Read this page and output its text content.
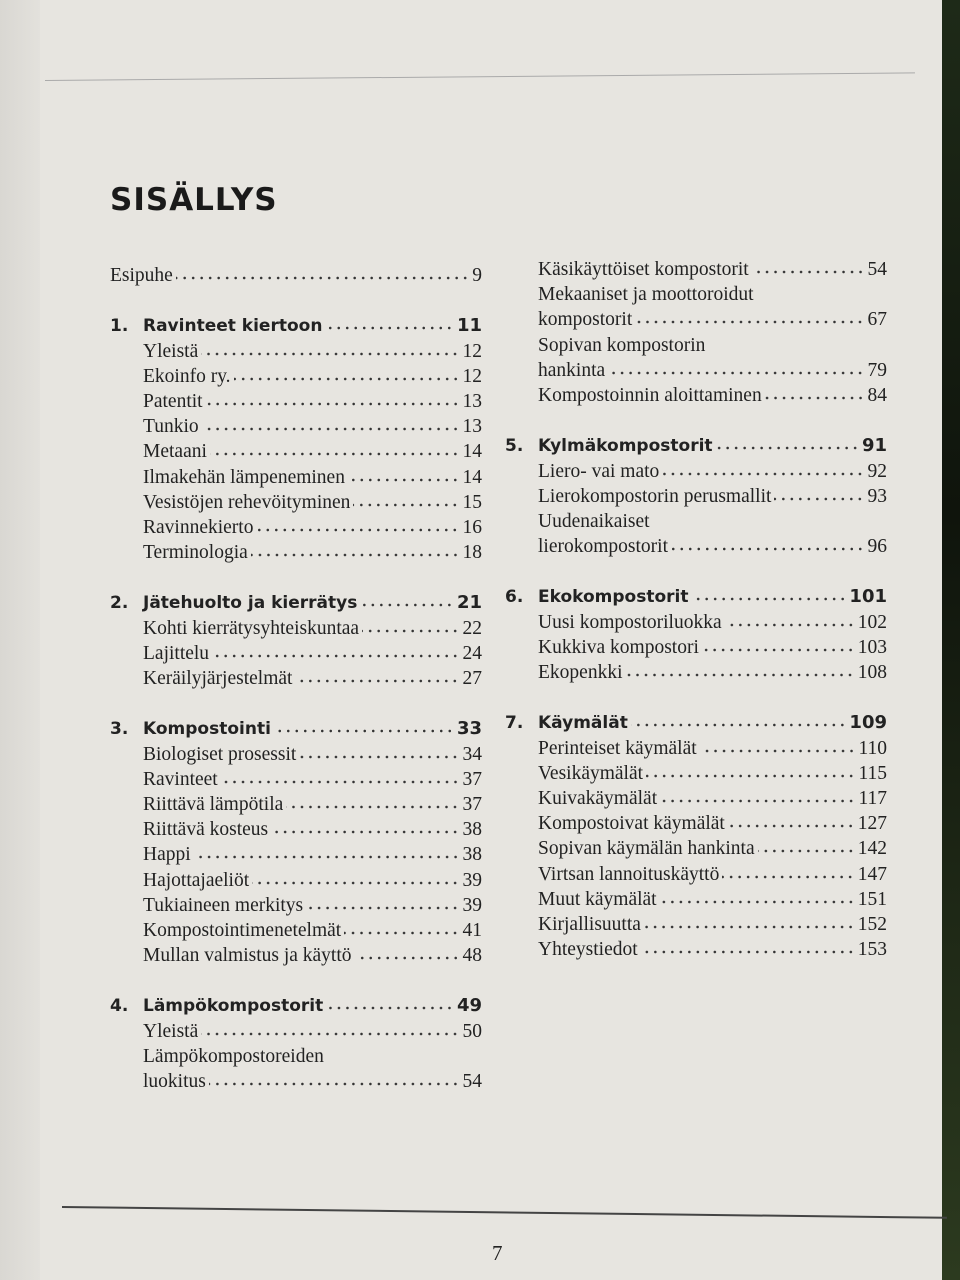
SISÄLLYS
Esipuhe	9
1. Ravinteet kiertoon	11
Yleistä	12
Ekoinfo ry.	12
Patentit	13
Tunkio	13
Metaani	14
Ilmakehän lämpeneminen	14
Vesistöjen rehevöityminen	15
Ravinnekierto	16
Terminologia	18
2. Jätehuolto ja kierrätys	21
Kohti kierrätysyhteiskuntaa	22
Lajittelu	24
Keräilyjärjestelmät	27
3. Kompostointi	33
Biologiset prosessit	34
Ravinteet	37
Riittävä lämpötila	37
Riittävä kosteus	38
Happi	38
Hajottajaeliöt	39
Tukiaineen merkitys	39
Kompostointimenetelmät	41
Mullan valmistus ja käyttö	48
4. Lämpökompostorit	49
Yleistä	50
Lämpökompostoreiden
luokitus	54
Käsikäyttöiset kompostorit	54
Mekaaniset ja moottoroidut
kompostorit	67
Sopivan kompostorin
hankinta	79
Kompostoinnin aloittaminen	84
5. Kylmäkompostorit	91
Liero- vai mato	92
Lierokompostorin perusmallit	93
Uudenaikaiset
lierokompostorit	96
6. Ekokompostorit	101
Uusi kompostoriluokka	102
Kukkiva kompostori	103
Ekopenkki	108
7. Käymälät	109
Perinteiset käymälät	110
Vesikäymälät	115
Kuivakäymälät	117
Kompostoivat käymälät	127
Sopivan käymälän hankinta	142
Virtsan lannoituskäyttö	147
Muut käymälät	151
Kirjallisuutta	152
Yhteystiedot	153
7
